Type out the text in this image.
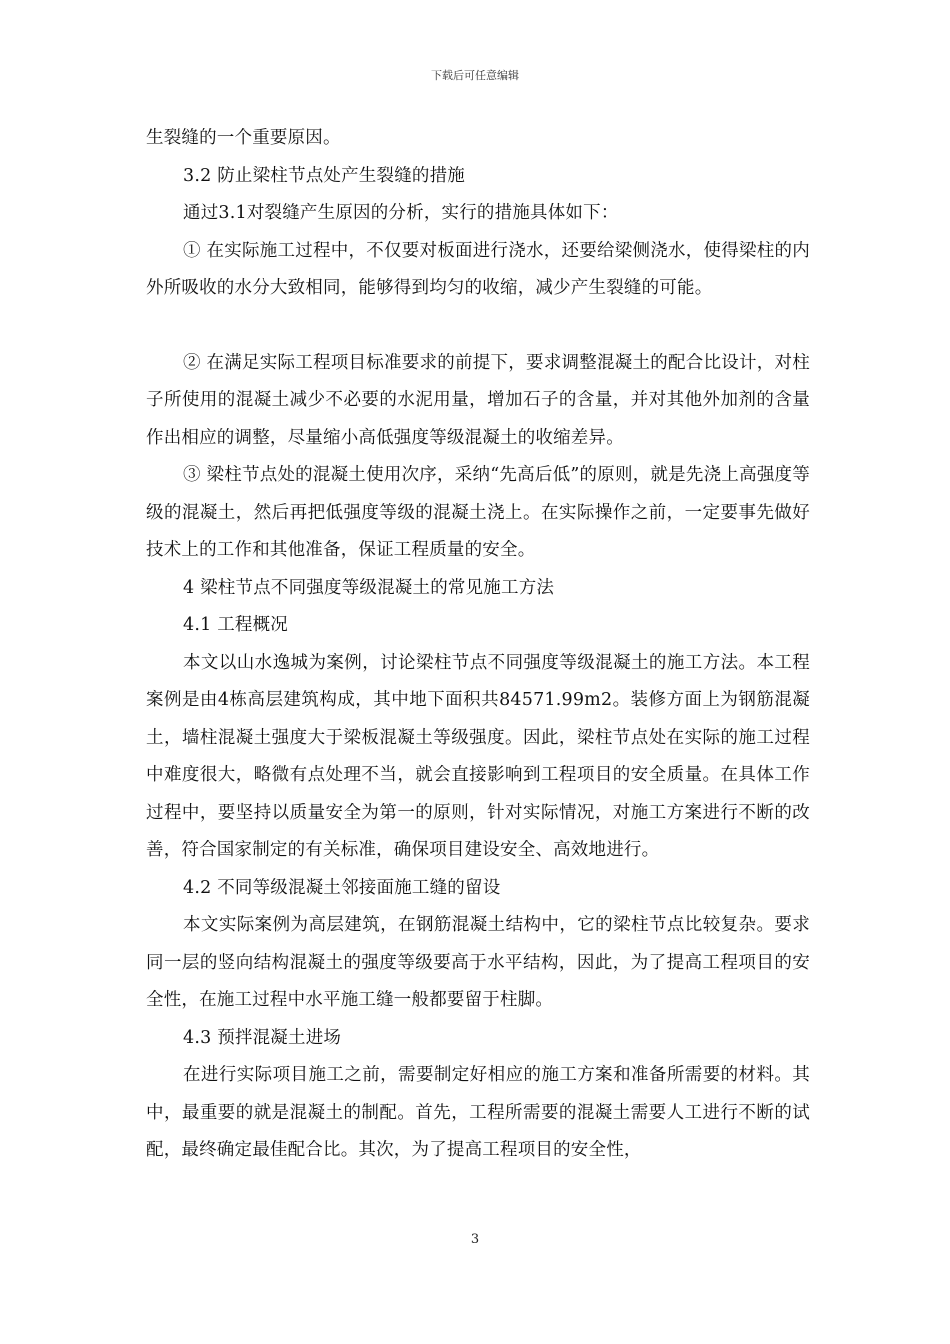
下载后可任意编辑

生裂缝的一个重要原因。

3.2 防止梁柱节点处产生裂缝的措施

通过3.1对裂缝产生原因的分析，实行的措施具体如下：

① 在实际施工过程中，不仅要对板面进行浇水，还要给梁侧浇水，使得梁柱的内外所吸收的水分大致相同，能够得到均匀的收缩，减少产生裂缝的可能。

② 在满足实际工程项目标准要求的前提下，要求调整混凝土的配合比设计，对柱子所使用的混凝土减少不必要的水泥用量，增加石子的含量，并对其他外加剂的含量作出相应的调整，尽量缩小高低强度等级混凝土的收缩差异。

③ 梁柱节点处的混凝土使用次序，采纳“先高后低”的原则，就是先浇上高强度等级的混凝土，然后再把低强度等级的混凝土浇上。在实际操作之前，一定要事先做好技术上的工作和其他准备，保证工程质量的安全。

4 梁柱节点不同强度等级混凝土的常见施工方法

4.1 工程概况

本文以山水逸城为案例，讨论梁柱节点不同强度等级混凝土的施工方法。本工程案例是由4栋高层建筑构成，其中地下面积共84571.99m2。装修方面上为钢筋混凝土，墙柱混凝土强度大于梁板混凝土等级强度。因此，梁柱节点处在实际的施工过程中难度很大，略微有点处理不当，就会直接影响到工程项目的安全质量。在具体工作过程中，要坚持以质量安全为第一的原则，针对实际情况，对施工方案进行不断的改善，符合国家制定的有关标准，确保项目建设安全、高效地进行。

4.2 不同等级混凝土邻接面施工缝的留设

本文实际案例为高层建筑，在钢筋混凝土结构中，它的梁柱节点比较复杂。要求同一层的竖向结构混凝土的强度等级要高于水平结构，因此，为了提高工程项目的安全性，在施工过程中水平施工缝一般都要留于柱脚。

4.3 预拌混凝土进场

在进行实际项目施工之前，需要制定好相应的施工方案和准备所需要的材料。其中，最重要的就是混凝土的制配。首先，工程所需要的混凝土需要人工进行不断的试配，最终确定最佳配合比。其次，为了提高工程项目的安全性，

3
